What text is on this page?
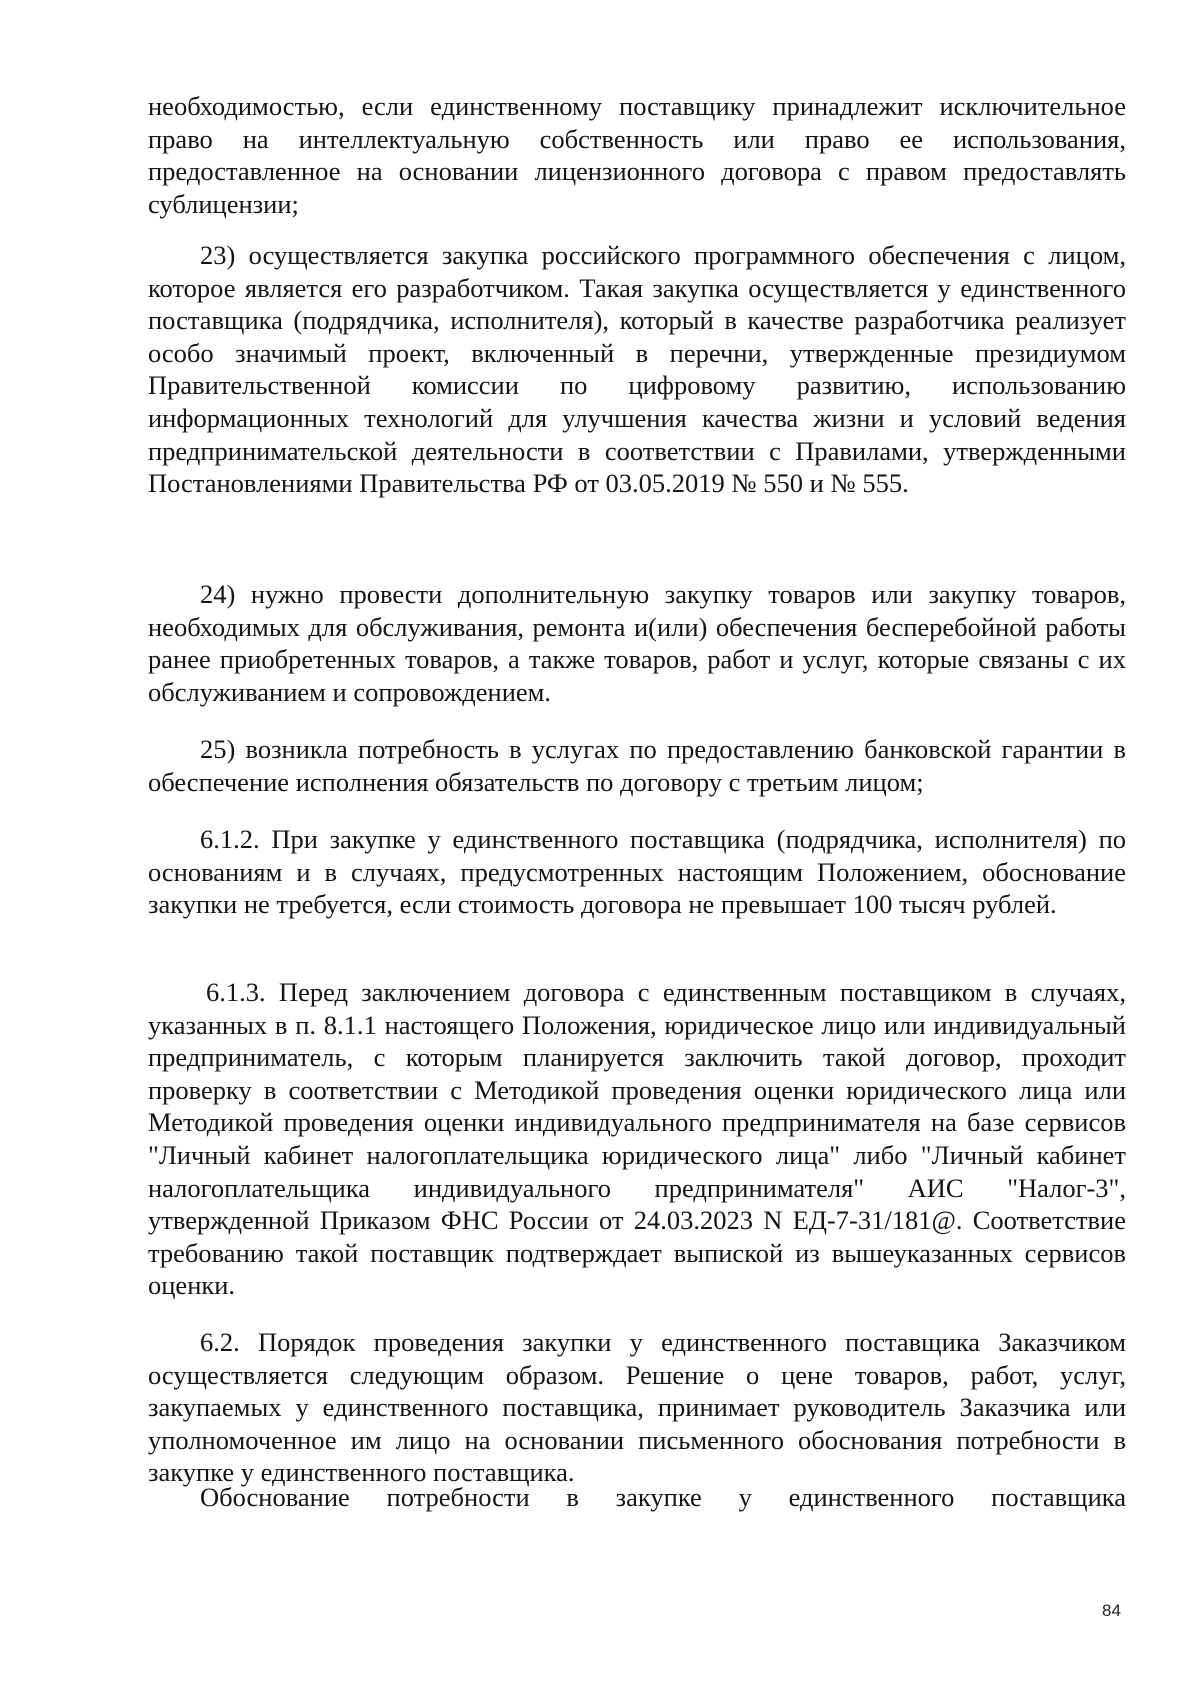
необходимостью, если единственному поставщику принадлежит исключительное право на интеллектуальную собственность или право ее использования, предоставленное на основании лицензионного договора с правом предоставлять сублицензии;

23) осуществляется закупка российского программного обеспечения с лицом, которое является его разработчиком. Такая закупка осуществляется у единственного поставщика (подрядчика, исполнителя), который в качестве разработчика реализует особо значимый проект, включенный в перечни, утвержденные президиумом Правительственной комиссии по цифровому развитию, использованию информационных технологий для улучшения качества жизни и условий ведения предпринимательской деятельности в соответствии с Правилами, утвержденными Постановлениями Правительства РФ от 03.05.2019 № 550 и № 555.

24) нужно провести дополнительную закупку товаров или закупку товаров, необходимых для обслуживания, ремонта и(или) обеспечения бесперебойной работы ранее приобретенных товаров, а также товаров, работ и услуг, которые связаны с их обслуживанием и сопровождением.

25) возникла потребность в услугах по предоставлению банковской гарантии в обеспечение исполнения обязательств по договору с третьим лицом;

6.1.2. При закупке у единственного поставщика (подрядчика, исполнителя) по основаниям и в случаях, предусмотренных настоящим Положением, обоснование закупки не требуется, если стоимость договора не превышает 100 тысяч рублей.

6.1.3. Перед заключением договора с единственным поставщиком в случаях, указанных в п. 8.1.1 настоящего Положения, юридическое лицо или индивидуальный предприниматель, с которым планируется заключить такой договор, проходит проверку в соответствии с Методикой проведения оценки юридического лица или Методикой проведения оценки индивидуального предпринимателя на базе сервисов "Личный кабинет налогоплательщика юридического лица" либо "Личный кабинет налогоплательщика индивидуального предпринимателя" АИС "Налог-3", утвержденной Приказом ФНС России от 24.03.2023 N ЕД-7-31/181@. Соответствие требованию такой поставщик подтверждает выпиской из вышеуказанных сервисов оценки.

6.2. Порядок проведения закупки у единственного поставщика Заказчиком осуществляется следующим образом. Решение о цене товаров, работ, услуг, закупаемых у единственного поставщика, принимает руководитель Заказчика или уполномоченное им лицо на основании письменного обоснования потребности в закупке у единственного поставщика.

Обоснование потребности в закупке у единственного поставщика

84
